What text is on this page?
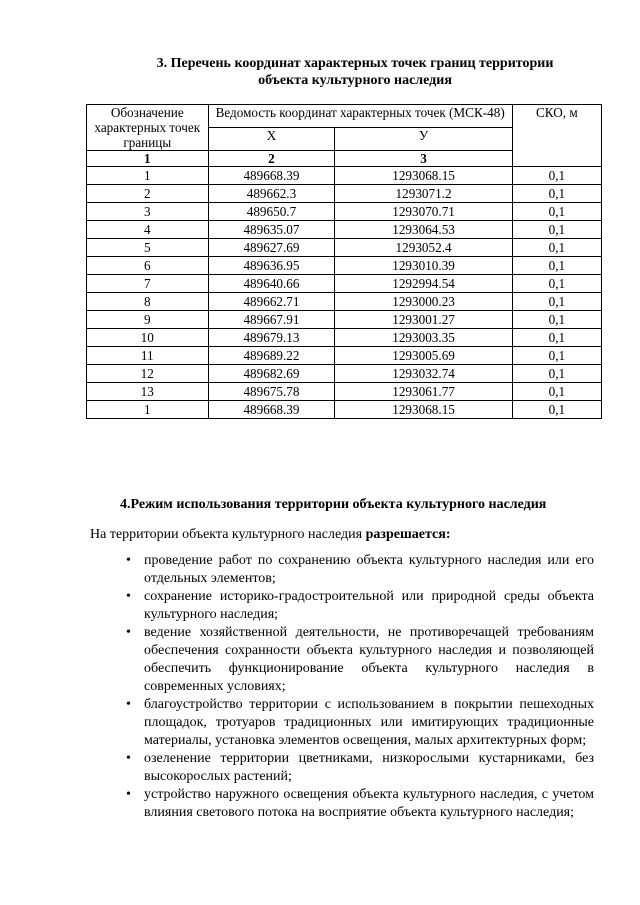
3. Перечень координат характерных точек границ территории
объекта культурного наследия
Обозначение характерных точек границы	Ведомость координат характерных точек (МСК-48)		СКО, м
	X	У	
1	2	3	
1	489668.39	1293068.15	0,1
2	489662.3	1293071.2	0,1
3	489650.7	1293070.71	0,1
4	489635.07	1293064.53	0,1
5	489627.69	1293052.4	0,1
6	489636.95	1293010.39	0,1
7	489640.66	1292994.54	0,1
8	489662.71	1293000.23	0,1
9	489667.91	1293001.27	0,1
10	489679.13	1293003.35	0,1
11	489689.22	1293005.69	0,1
12	489682.69	1293032.74	0,1
13	489675.78	1293061.77	0,1
1	489668.39	1293068.15	0,1
4.Режим использования территории объекта культурного наследия
На территории объекта культурного наследия разрешается:
• проведение работ по сохранению объекта культурного наследия или его отдельных элементов;
• сохранение историко-градостроительной или природной среды объекта культурного наследия;
• ведение хозяйственной деятельности, не противоречащей требованиям обеспечения сохранности объекта культурного наследия и позволяющей обеспечить функционирование объекта культурного наследия в современных условиях;
• благоустройство территории с использованием в покрытии пешеходных площадок, тротуаров традиционных или имитирующих традиционные материалы, установка элементов освещения, малых архитектурных форм;
• озеленение территории цветниками, низкорослыми кустарниками, без высокорослых растений;
• устройство наружного освещения объекта культурного наследия, с учетом влияния светового потока на восприятие объекта культурного наследия;
